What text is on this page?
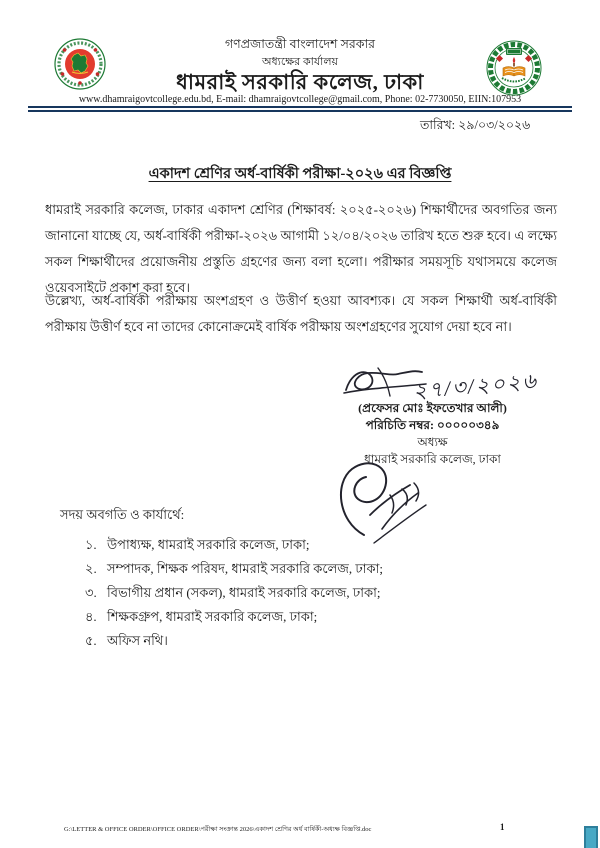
গণপ্রজাতন্ত্রী বাংলাদেশ সরকার
অধ্যক্ষের কার্যালয়
ধামরাই সরকারি কলেজ, ঢাকা
www.dhamraigovtcollege.edu.bd, E-mail: dhamraigovtcollege@gmail.com, Phone: 02-7730050, EIIN:107953
তারিখ: ২৯/০৩/২০২৬
একাদশ শ্রেণির অর্ধ-বার্ষিকী পরীক্ষা-২০২৬ এর বিজ্ঞপ্তি
ধামরাই সরকারি কলেজ, ঢাকার একাদশ শ্রেণির (শিক্ষাবর্ষ: ২০২৫-২০২৬) শিক্ষার্থীদের অবগতির জন্য জানানো যাচ্ছে যে, অর্ধ-বার্ষিকী পরীক্ষা-২০২৬ আগামী ১২/০৪/২০২৬ তারিখ হতে শুরু হবে। এ লক্ষ্যে সকল শিক্ষার্থীদের প্রয়োজনীয় প্রস্তুতি গ্রহণের জন্য বলা হলো। পরীক্ষার সময়সূচি যথাসময়ে কলেজ ওয়েবসাইটে প্রকাশ করা হবে।
উল্লেখ্য, অর্ধ-বার্ষিকী পরীক্ষায় অংশগ্রহণ ও উত্তীর্ণ হওয়া আবশ্যক। যে সকল শিক্ষার্থী অর্ধ-বার্ষিকী পরীক্ষায় উত্তীর্ণ হবে না তাদের কোনোক্রমেই বার্ষিক পরীক্ষায় অংশগ্রহণের সুযোগ দেয়া হবে না।
২৭/৩/২০২৬
(প্রফেসর মোঃ ইফতেখার আলী)
পরিচিতি নম্বর: ০০০০০৩৪৯
অধ্যক্ষ
ধামরাই সরকারি কলেজ, ঢাকা
সদয় অবগতি ও কার্যার্থে:
১. উপাধ্যক্ষ, ধামরাই সরকারি কলেজ, ঢাকা;
২. সম্পাদক, শিক্ষক পরিষদ, ধামরাই সরকারি কলেজ, ঢাকা;
৩. বিভাগীয় প্রধান (সকল), ধামরাই সরকারি কলেজ, ঢাকা;
৪. শিক্ষকগ্রুপ, ধামরাই সরকারি কলেজ, ঢাকা;
৫. অফিস নথি।
G:\LETTER & OFFICE ORDER\OFFICE ORDER\পরীক্ষা সংক্রান্ত 2026\একাদশ শ্রেণির অর্ধ বার্ষিকী-অধ্যক্ষ বিজ্ঞপ্তি.doc	1
